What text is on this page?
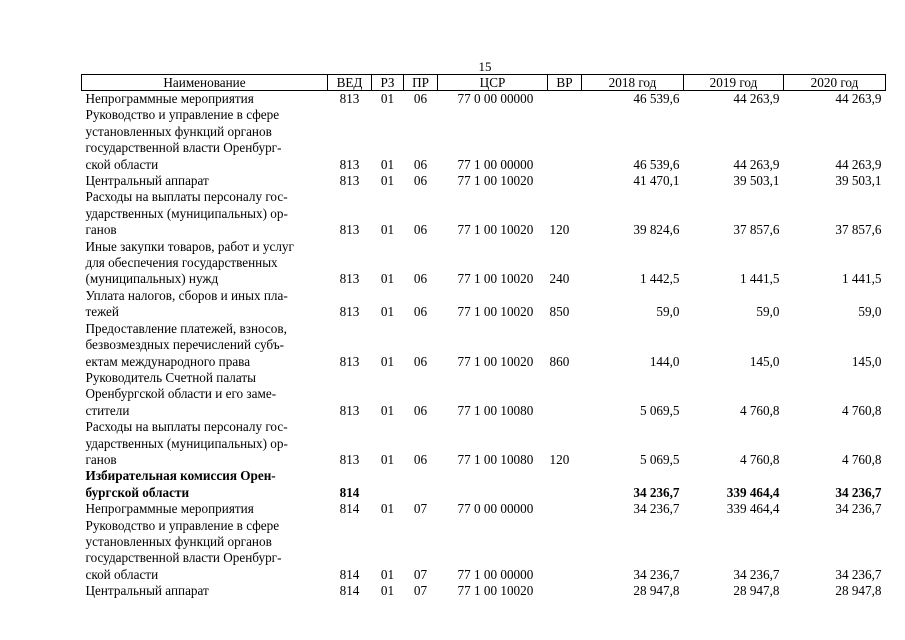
15
Наименование	ВЕД	РЗ	ПР	ЦСР	ВР	2018 год	2019 год	2020 год

Непрограммные мероприятия	813	01	06	77 0 00 00000		46 539,6	44 263,9	44 263,9

Руководство и управление в сфере
установленных функций органов
государственной власти Оренбург-
ской области	813	01	06	77 1 00 00000		46 539,6	44 263,9	44 263,9

Центральный аппарат	813	01	06	77 1 00 10020		41 470,1	39 503,1	39 503,1

Расходы на выплаты персоналу гос-
ударственных (муниципальных) ор-
ганов	813	01	06	77 1 00 10020	120	39 824,6	37 857,6	37 857,6

Иные закупки товаров, работ и услуг
для обеспечения государственных
(муниципальных) нужд	813	01	06	77 1 00 10020	240	1 442,5	1 441,5	1 441,5

Уплата налогов, сборов и иных пла-
тежей	813	01	06	77 1 00 10020	850	59,0	59,0	59,0

Предоставление платежей, взносов,
безвозмездных перечислений субъ-
ектам международного права	813	01	06	77 1 00 10020	860	144,0	145,0	145,0

Руководитель Счетной палаты
Оренбургской области и его заме-
стители	813	01	06	77 1 00 10080		5 069,5	4 760,8	4 760,8

Расходы на выплаты персоналу гос-
ударственных (муниципальных) ор-
ганов	813	01	06	77 1 00 10080	120	5 069,5	4 760,8	4 760,8

Избирательная комиссия Орен-
бургской области	814					34 236,7	339 464,4	34 236,7

Непрограммные мероприятия	814	01	07	77 0 00 00000		34 236,7	339 464,4	34 236,7

Руководство и управление в сфере
установленных функций органов
государственной власти Оренбург-
ской области	814	01	07	77 1 00 00000		34 236,7	34 236,7	34 236,7

Центральный аппарат	814	01	07	77 1 00 10020		28 947,8	28 947,8	28 947,8
